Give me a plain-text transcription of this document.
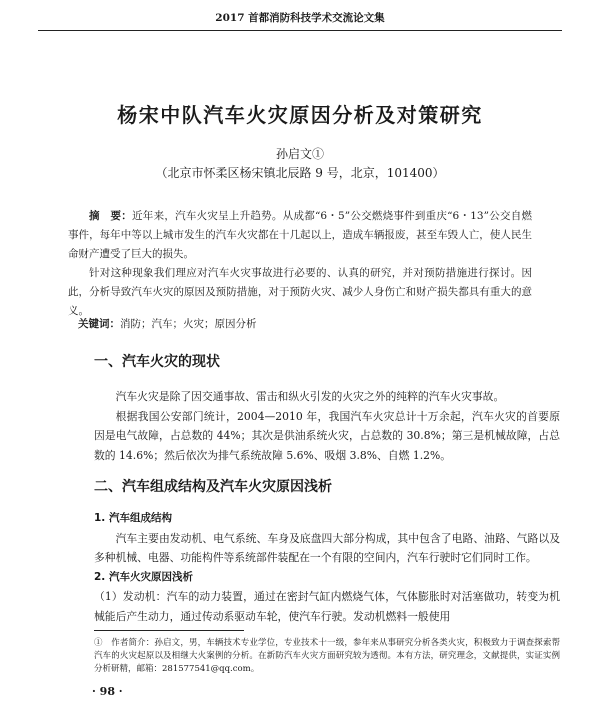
2017 首都消防科技学术交流论文集
杨宋中队汽车火灾原因分析及对策研究
孙启文①
（北京市怀柔区杨宋镇北辰路 9 号，北京，101400）

摘　要：近年来，汽车火灾呈上升趋势。从成都“6・5”公交燃烧事件到重庆“6・13”公交自燃事件，每年中等以上城市发生的汽车火灾都在十几起以上，造成车辆报废，甚至车毁人亡，使人民生命财产遭受了巨大的损失。

针对这种现象我们理应对汽车火灾事故进行必要的、认真的研究，并对预防措施进行探讨。因此，分析导致汽车火灾的原因及预防措施，对于预防火灾、减少人身伤亡和财产损失都具有重大的意义。

关键词：消防；汽车；火灾；原因分析
一、汽车火灾的现状

汽车火灾是除了因交通事故、雷击和纵火引发的火灾之外的纯粹的汽车火灾事故。

根据我国公安部门统计，2004—2010 年，我国汽车火灾总计十万余起，汽车火灾的首要原因是电气故障，占总数的 44%；其次是供油系统火灾，占总数的 30.8%；第三是机械故障，占总数的 14.6%；然后依次为排气系统故障 5.6%、吸烟 3.8%、自燃 1.2%。

二、汽车组成结构及汽车火灾原因浅析

1. 汽车组成结构

汽车主要由发动机、电气系统、车身及底盘四大部分构成，其中包含了电路、油路、气路以及多种机械、电器、功能构件等系统部件装配在一个有限的空间内，汽车行驶时它们同时工作。

2. 汽车火灾原因浅析

（1）发动机：汽车的动力装置，通过在密封气缸内燃烧气体，气体膨胀时对活塞做功，转变为机械能后产生动力，通过传动系驱动车轮，使汽车行驶。发动机燃料一般使用

①　作者简介：孙启文，男，车辆技术专业学位，专业技术十一级，参年来从事研究分析各类火灾，积极致力于调查探索帮汽车的火灾起原以及相继大火案例的分析。在新防汽车火灾方面研究较为透彻。本有方法，研究理念，文献提供，实证实例分析研精，邮箱：281577541@qq.com。

· 98 ·
